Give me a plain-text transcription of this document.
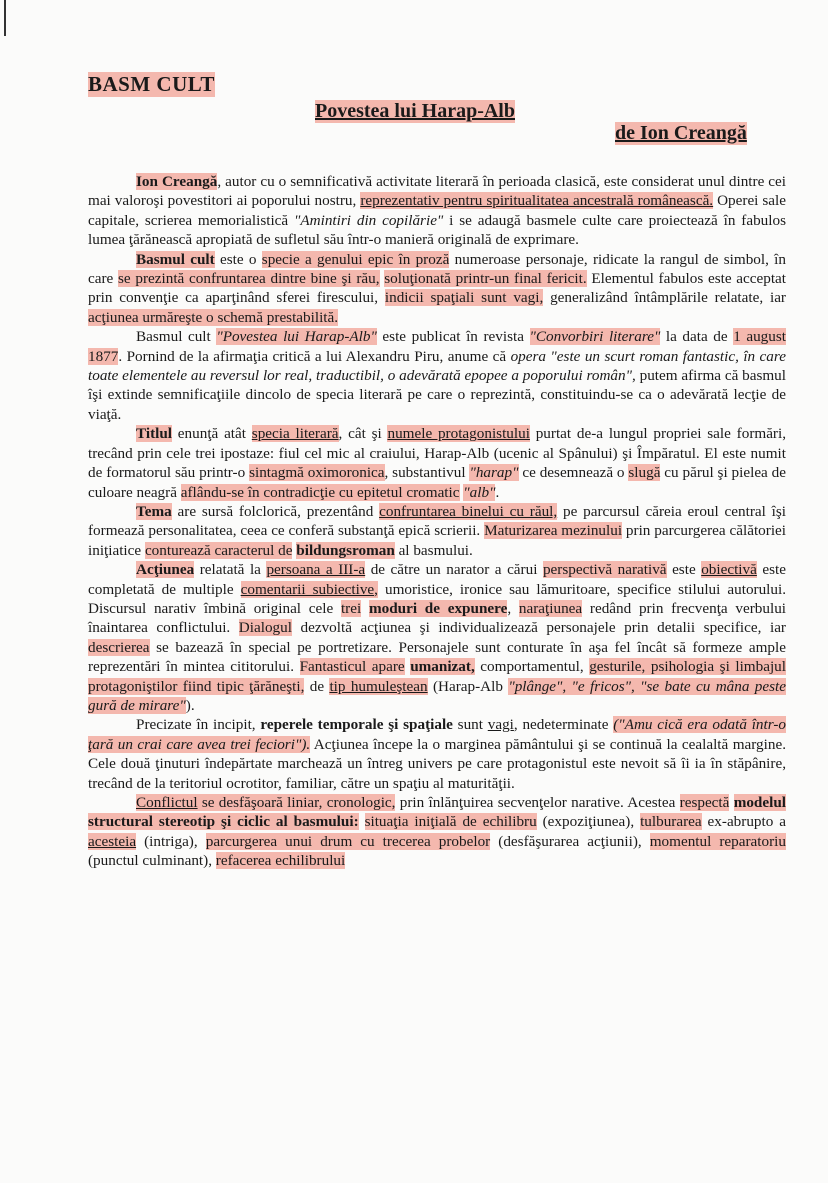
BASM CULT
Povestea lui Harap-Alb
de Ion Creangă

Ion Creangă, autor cu o semnificativă activitate literară în perioada clasică, este considerat unul dintre cei mai valoroşi povestitori ai poporului nostru, reprezentativ pentru spiritualitatea ancestrală românească. Operei sale capitale, scrierea memorialistică "Amintiri din copilărie" i se adaugă basmele culte care proiectează în fabulos lumea ţărănească apropiată de sufletul său într-o manieră originală de exprimare.

Basmul cult este o specie a genului epic în proză numeroase personaje, ridicate la rangul de simbol, în care se prezintă confruntarea dintre bine şi rău, soluţionată printr-un final fericit. Elementul fabulos este acceptat prin convenţie ca aparţinând sferei firescului, indicii spaţiali sunt vagi, generalizând întâmplările relatate, iar acţiunea urmăreşte o schemă prestabilită.

Basmul cult "Povestea lui Harap-Alb" este publicat în revista "Convorbiri literare" la data de 1 august 1877. Pornind de la afirmaţia critică a lui Alexandru Piru, anume că opera "este un scurt roman fantastic, în care toate elementele au reversul lor real, traductibil, o adevărată epopee a poporului român", putem afirma că basmul îşi extinde semnificaţiile dincolo de specia literară pe care o reprezintă, constituindu-se ca o adevărată lecţie de viaţă.

Titlul enunţă atât specia literară, cât şi numele protagonistului purtat de-a lungul propriei sale formări, trecând prin cele trei ipostaze: fiul cel mic al craiului, Harap-Alb (ucenic al Spânului) şi Împăratul. El este numit de formatorul său printr-o sintagmă oximoronica, substantivul "harap" ce desemnează o slugă cu părul şi pielea de culoare neagră aflându-se în contradicţie cu epitetul cromatic "alb".

Tema are sursă folclorică, prezentând confruntarea binelui cu răul, pe parcursul căreia eroul central îşi formează personalitatea, ceea ce conferă substanţă epică scrierii. Maturizarea mezinului prin parcurgerea călătoriei iniţiatice conturează caracterul de bildungsroman al basmului.

Acţiunea relatată la persoana a III-a de către un narator a cărui perspectivă narativă este obiectivă este completată de multiple comentarii subiective, umoristice, ironice sau lămuritoare, specifice stilului autorului. Discursul narativ îmbină original cele trei moduri de expunere, naraţiunea redând prin frecvenţa verbului înaintarea conflictului. Dialogul dezvoltă acţiunea şi individualizează personajele prin detalii specifice, iar descrierea se bazează în special pe portretizare. Personajele sunt conturate în aşa fel încât să formeze ample reprezentări în mintea cititorului. Fantasticul apare umanizat, comportamentul, gesturile, psihologia şi limbajul protagoniştilor fiind tipic ţărăneşti, de tip humuleştean (Harap-Alb "plânge", "e fricos", "se bate cu mâna peste gură de mirare").

Precizate în incipit, reperele temporale şi spaţiale sunt vagi, nedeterminate ("Amu cică era odată într-o ţară un crai care avea trei feciori"). Acţiunea începe la o marginea pământului şi se continuă la cealaltă margine. Cele două ţinuturi îndepărtate marchează un întreg univers pe care protagonistul este nevoit să îi ia în stăpânire, trecând de la teritoriul ocrotitor, familiar, către un spaţiu al maturităţii.

Conflictul se desfăşoară liniar, cronologic, prin înlănţuirea secvenţelor narative. Acestea respectă modelul structural stereotip şi ciclic al basmului: situaţia iniţială de echilibru (expoziţiunea), tulburarea ex-abrupto a acesteia (intriga), parcurgerea unui drum cu trecerea probelor (desfăşurarea acţiunii), momentul reparatoriu (punctul culminant), refacerea echilibrului
